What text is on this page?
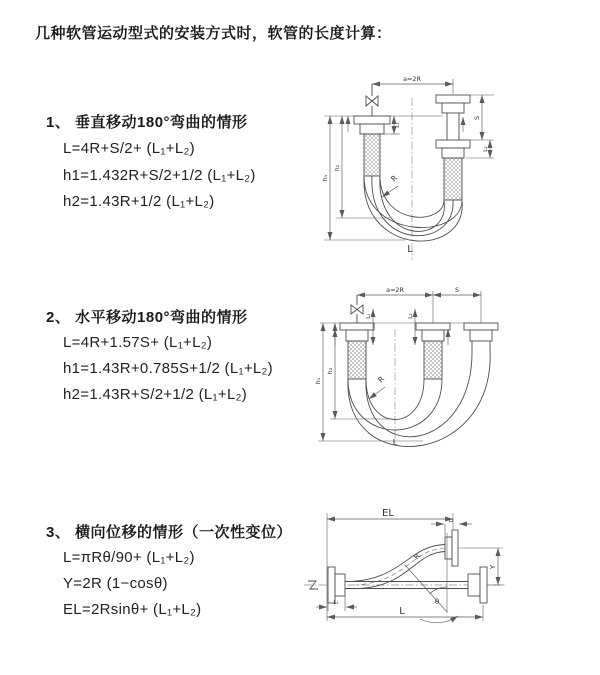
几种软管运动型式的安装方式时，软管的长度计算：
1、 垂直移动180°弯曲的情形
L=4R+S/2+ (L₁+L₂)
h1=1.432R+S/2+1/2 (L₁+L₂)
h2=1.43R+1/2 (L₁+L₂)
a=2R
R
L
S
L₂
h₁
h₂
L₁
2、 水平移动180°弯曲的情形
L=4R+1.57S+ (L₁+L₂)
h1=1.43R+0.785S+1/2 (L₁+L₂)
h2=1.43R+S/2+1/2 (L₁+L₂)
a=2R	S
R
L
L₁	L₂
h₁
h₂
3、 横向位移的情形（一次性变位）
L=πRθ/90+ (L₁+L₂)
Y=2R (1−cosθ)
EL=2Rsinθ+ (L₁+L₂)
EL
L₂
Y
θ
R
L₁
L
